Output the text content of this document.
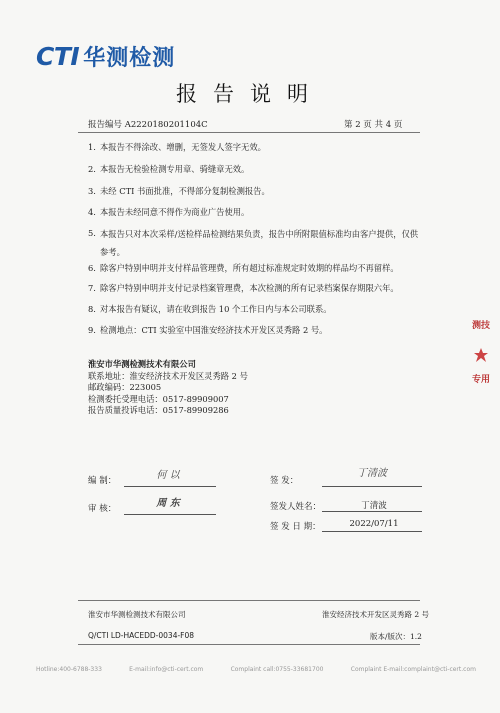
CTI 华测检测
报告说明
报告编号 A2220180201104C	第 2 页 共 4 页
1. 本报告不得涂改、增删，无签发人签字无效。
2. 本报告无检验检测专用章、骑缝章无效。
3. 未经 CTI 书面批准，不得部分复制检测报告。
4. 本报告未经同意不得作为商业广告使用。
5. 本报告只对本次采样/送检样品检测结果负责，报告中所附限值标准均由客户提供，仅供参考。
6. 除客户特别申明并支付样品管理费，所有超过标准规定时效期的样品均不再留样。
7. 除客户特别申明并支付记录档案管理费，本次检测的所有记录档案保存期限六年。
8. 对本报告有疑议，请在收到报告 10 个工作日内与本公司联系。
9. 检测地点：CTI 实验室中国淮安经济技术开发区灵秀路 2 号。
淮安市华测检测技术有限公司
联系地址：淮安经济技术开发区灵秀路 2 号
邮政编码：223005
检测委托受理电话：0517-89909007
报告质量投诉电话：0517-89909286
编 制：	何 以
审 核：	周 东
签 发：
丁清波
签发人姓名：	丁清波
签 发 日 期：	2022/07/11
淮安市华测检测技术有限公司	淮安经济技术开发区灵秀路 2 号
Q/CTI LD-HACEDD-0034-F08	版本/版次：1.2
Hotline:400-6788-333	E-mail:info@cti-cert.com	Complaint call:0755-33681700	Complaint E-mail:complaint@cti-cert.com
测技
专用
